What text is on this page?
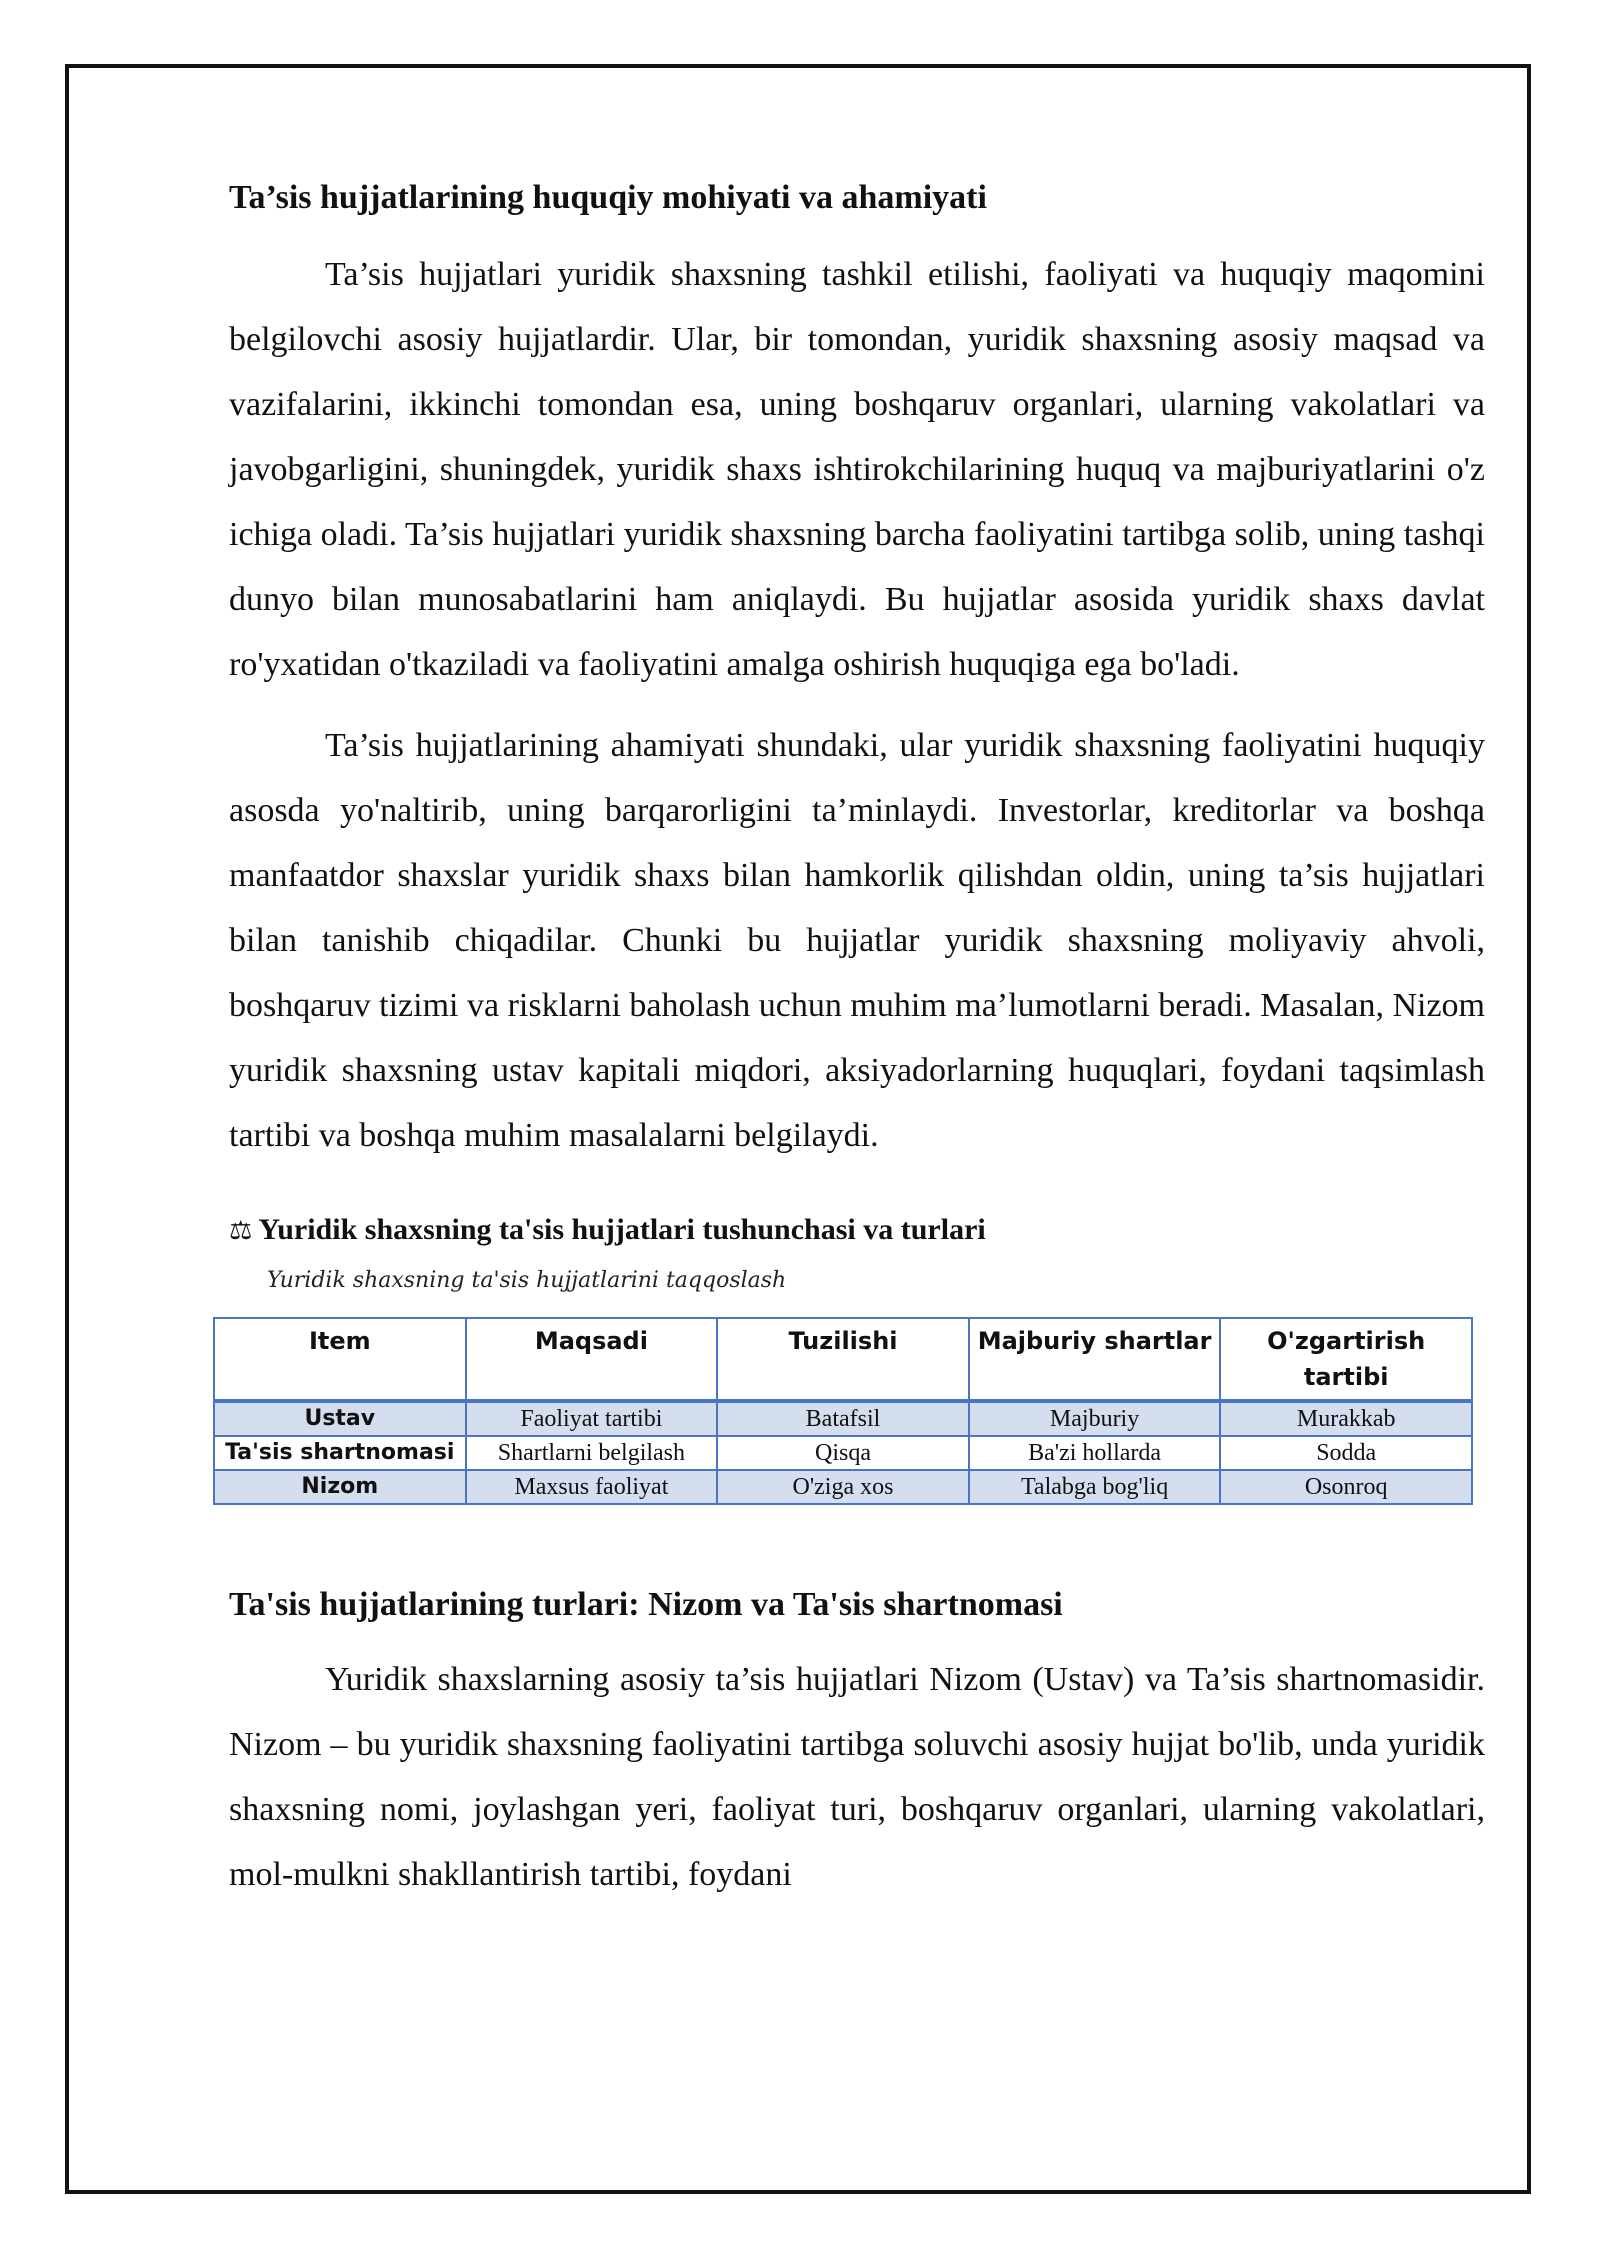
Ta’sis hujjatlarining huquqiy mohiyati va ahamiyati

Ta’sis hujjatlari yuridik shaxsning tashkil etilishi, faoliyati va huquqiy maqomini belgilovchi asosiy hujjatlardir. Ular, bir tomondan, yuridik shaxsning asosiy maqsad va vazifalarini, ikkinchi tomondan esa, uning boshqaruv organlari, ularning vakolatlari va javobgarligini, shuningdek, yuridik shaxs ishtirokchilarining huquq va majburiyatlarini o'z ichiga oladi. Ta’sis hujjatlari yuridik shaxsning barcha faoliyatini tartibga solib, uning tashqi dunyo bilan munosabatlarini ham aniqlaydi. Bu hujjatlar asosida yuridik shaxs davlat ro'yxatidan o'tkaziladi va faoliyatini amalga oshirish huquqiga ega bo'ladi.

Ta’sis hujjatlarining ahamiyati shundaki, ular yuridik shaxsning faoliyatini huquqiy asosda yo'naltirib, uning barqarorligini ta’minlaydi. Investorlar, kreditorlar va boshqa manfaatdor shaxslar yuridik shaxs bilan hamkorlik qilishdan oldin, uning ta’sis hujjatlari bilan tanishib chiqadilar. Chunki bu hujjatlar yuridik shaxsning moliyaviy ahvoli, boshqaruv tizimi va risklarni baholash uchun muhim ma’lumotlarni beradi. Masalan, Nizom yuridik shaxsning ustav kapitali miqdori, aksiyadorlarning huquqlari, foydani taqsimlash tartibi va boshqa muhim masalalarni belgilaydi.

⚖ Yuridik shaxsning ta'sis hujjatlari tushunchasi va turlari
Yuridik shaxsning ta'sis hujjatlarini taqqoslash
Item	Maqsadi	Tuzilishi	Majburiy shartlar	O'zgartirish tartibi
Ustav	Faoliyat tartibi	Batafsil	Majburiy	Murakkab
Ta'sis shartnomasi	Shartlarni belgilash	Qisqa	Ba'zi hollarda	Sodda
Nizom	Maxsus faoliyat	O'ziga xos	Talabga bog'liq	Osonroq
Ta'sis hujjatlarining turlari: Nizom va Ta'sis shartnomasi

Yuridik shaxslarning asosiy ta’sis hujjatlari Nizom (Ustav) va Ta’sis shartnomasidir. Nizom – bu yuridik shaxsning faoliyatini tartibga soluvchi asosiy hujjat bo'lib, unda yuridik shaxsning nomi, joylashgan yeri, faoliyat turi, boshqaruv organlari, ularning vakolatlari, mol-mulkni shakllantirish tartibi, foydani
